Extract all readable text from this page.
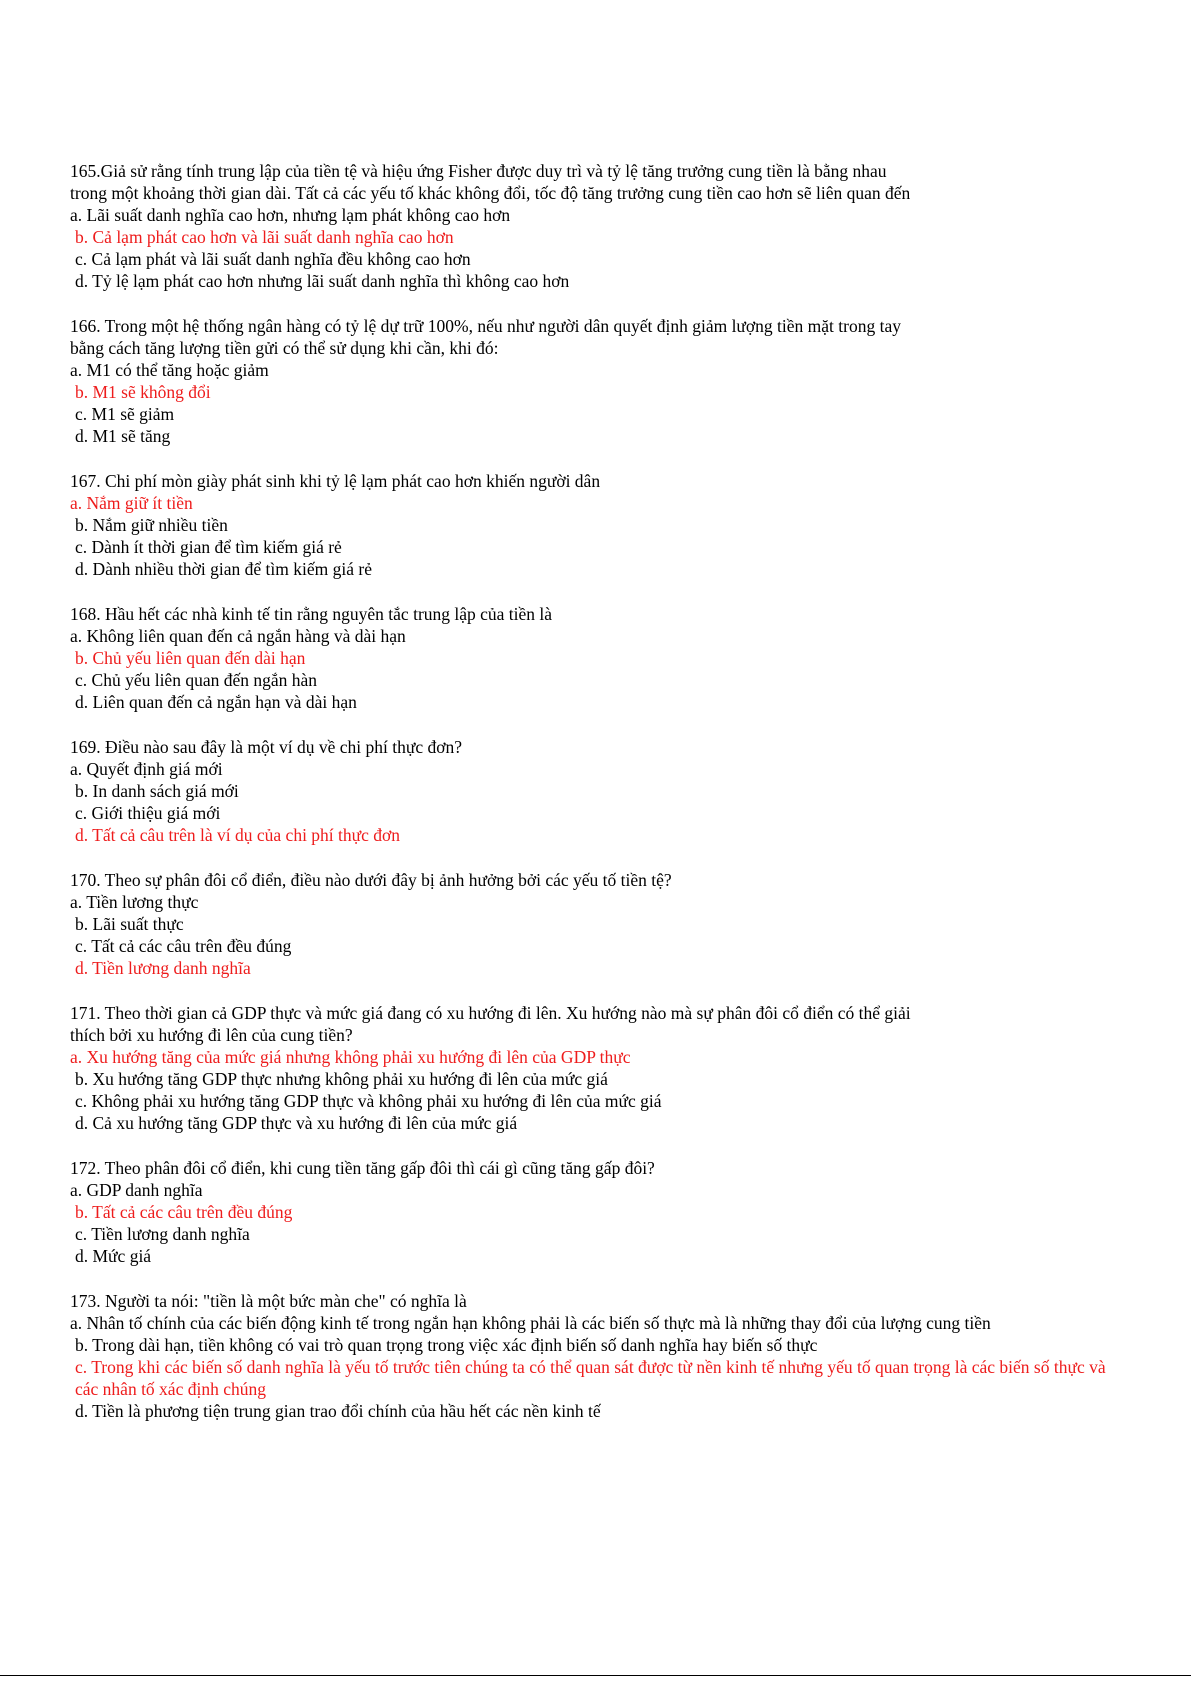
165.Giả sử rằng tính trung lập của tiền tệ và hiệu ứng Fisher được duy trì và tỷ lệ tăng trưởng cung tiền là bằng nhau
trong một khoảng thời gian dài. Tất cả các yếu tố khác không đổi, tốc độ tăng trưởng cung tiền cao hơn sẽ liên quan đến
a. Lãi suất danh nghĩa cao hơn, nhưng lạm phát không cao hơn
b. Cả lạm phát cao hơn và lãi suất danh nghĩa cao hơn
c. Cả lạm phát và lãi suất danh nghĩa đều không cao hơn
d. Tỷ lệ lạm phát cao hơn nhưng lãi suất danh nghĩa thì không cao hơn
166. Trong một hệ thống ngân hàng có tỷ lệ dự trữ 100%, nếu như người dân quyết định giảm lượng tiền mặt trong tay
bằng cách tăng lượng tiền gửi có thể sử dụng khi cần, khi đó:
a. M1 có thể tăng hoặc giảm
b. M1 sẽ không đổi
c. M1 sẽ giảm
d. M1 sẽ tăng
167. Chi phí mòn giày phát sinh khi tỷ lệ lạm phát cao hơn khiến người dân
a. Nắm giữ ít tiền
b. Nắm giữ nhiều tiền
c. Dành ít thời gian để tìm kiếm giá rẻ
d. Dành nhiều thời gian để tìm kiếm giá rẻ
168. Hầu hết các nhà kinh tế tin rằng nguyên tắc trung lập của tiền là
a. Không liên quan đến cả ngắn hàng và dài hạn
b. Chủ yếu liên quan đến dài hạn
c. Chủ yếu liên quan đến ngắn hàn
d. Liên quan đến cả ngắn hạn và dài hạn
169. Điều nào sau đây là một ví dụ về chi phí thực đơn?
a. Quyết định giá mới
b. In danh sách giá mới
c. Giới thiệu giá mới
d. Tất cả câu trên là ví dụ của chi phí thực đơn
170. Theo sự phân đôi cổ điển, điều nào dưới đây bị ảnh hưởng bởi các yếu tố tiền tệ?
a. Tiền lương thực
b. Lãi suất thực
c. Tất cả các câu trên đều đúng
d. Tiền lương danh nghĩa
171. Theo thời gian cả GDP thực và mức giá đang có xu hướng đi lên. Xu hướng nào mà sự phân đôi cổ điển có thể giải
thích bởi xu hướng đi lên của cung tiền?
a. Xu hướng tăng của mức giá nhưng không phải xu hướng đi lên của GDP thực
b. Xu hướng tăng GDP thực nhưng không phải xu hướng đi lên của mức giá
c. Không phải xu hướng tăng GDP thực và không phải xu hướng đi lên của mức giá
d. Cả xu hướng tăng GDP thực và xu hướng đi lên của mức giá
172. Theo phân đôi cổ điển, khi cung tiền tăng gấp đôi thì cái gì cũng tăng gấp đôi?
a. GDP danh nghĩa
b. Tất cả các câu trên đều đúng
c. Tiền lương danh nghĩa
d. Mức giá
173. Người ta nói: "tiền là một bức màn che" có nghĩa là
a. Nhân tố chính của các biến động kinh tế trong ngắn hạn không phải là các biến số thực mà là những thay đổi của lượng cung tiền
b. Trong dài hạn, tiền không có vai trò quan trọng trong việc xác định biến số danh nghĩa hay biến số thực
c. Trong khi các biến số danh nghĩa là yếu tố trước tiên chúng ta có thể quan sát được từ nền kinh tế nhưng yếu tố quan trọng là các biến số thực và các nhân tố xác định chúng
d. Tiền là phương tiện trung gian trao đổi chính của hầu hết các nền kinh tế
